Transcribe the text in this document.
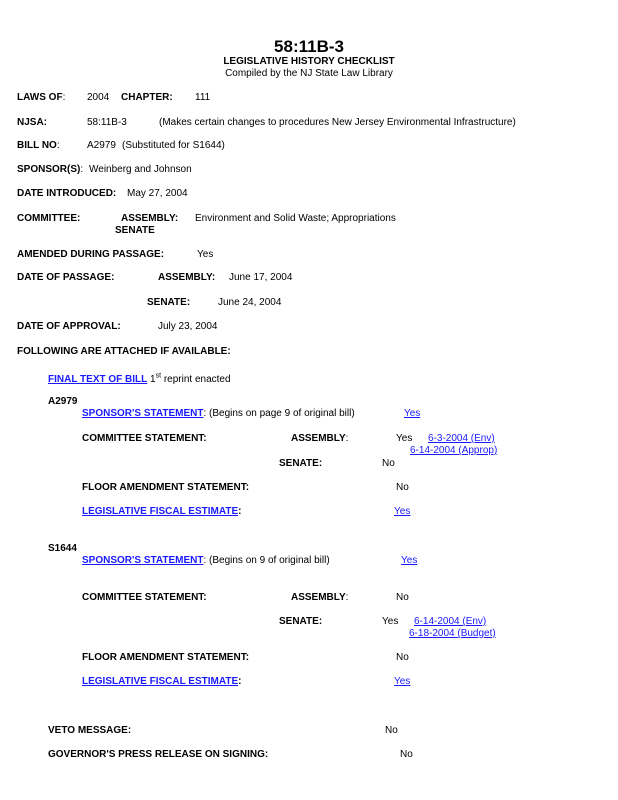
58:11B-3
LEGISLATIVE HISTORY CHECKLIST
Compiled by the NJ State Law Library
LAWS OF: 2004 CHAPTER: 111
NJSA:	58:11B-3	(Makes certain changes to procedures New Jersey Environmental Infrastructure)
BILL NO:	A2979 (Substituted for S1644)
SPONSOR(S): Weinberg and Johnson
DATE INTRODUCED: May 27, 2004
COMMITTEE:	ASSEMBLY: Environment and Solid Waste; Appropriations
SENATE
AMENDED DURING PASSAGE:	Yes
DATE OF PASSAGE:	ASSEMBLY: June 17, 2004
SENATE:	June 24, 2004
DATE OF APPROVAL:	July 23, 2004
FOLLOWING ARE ATTACHED IF AVAILABLE:
FINAL TEXT OF BILL 1st reprint enacted
A2979
SPONSOR'S STATEMENT: (Begins on page 9 of original bill)	Yes
COMMITTEE STATEMENT:	ASSEMBLY:	Yes 6-3-2004 (Env)
6-14-2004 (Approp)
SENATE:	No
FLOOR AMENDMENT STATEMENT:	No
LEGISLATIVE FISCAL ESTIMATE:	Yes
S1644
SPONSOR'S STATEMENT: (Begins on 9 of original bill)	Yes
COMMITTEE STATEMENT:	ASSEMBLY:	No
SENATE:	Yes 6-14-2004 (Env)
6-18-2004 (Budget)
FLOOR AMENDMENT STATEMENT:	No
LEGISLATIVE FISCAL ESTIMATE:	Yes
VETO MESSAGE:	No
GOVERNOR'S PRESS RELEASE ON SIGNING:	No
